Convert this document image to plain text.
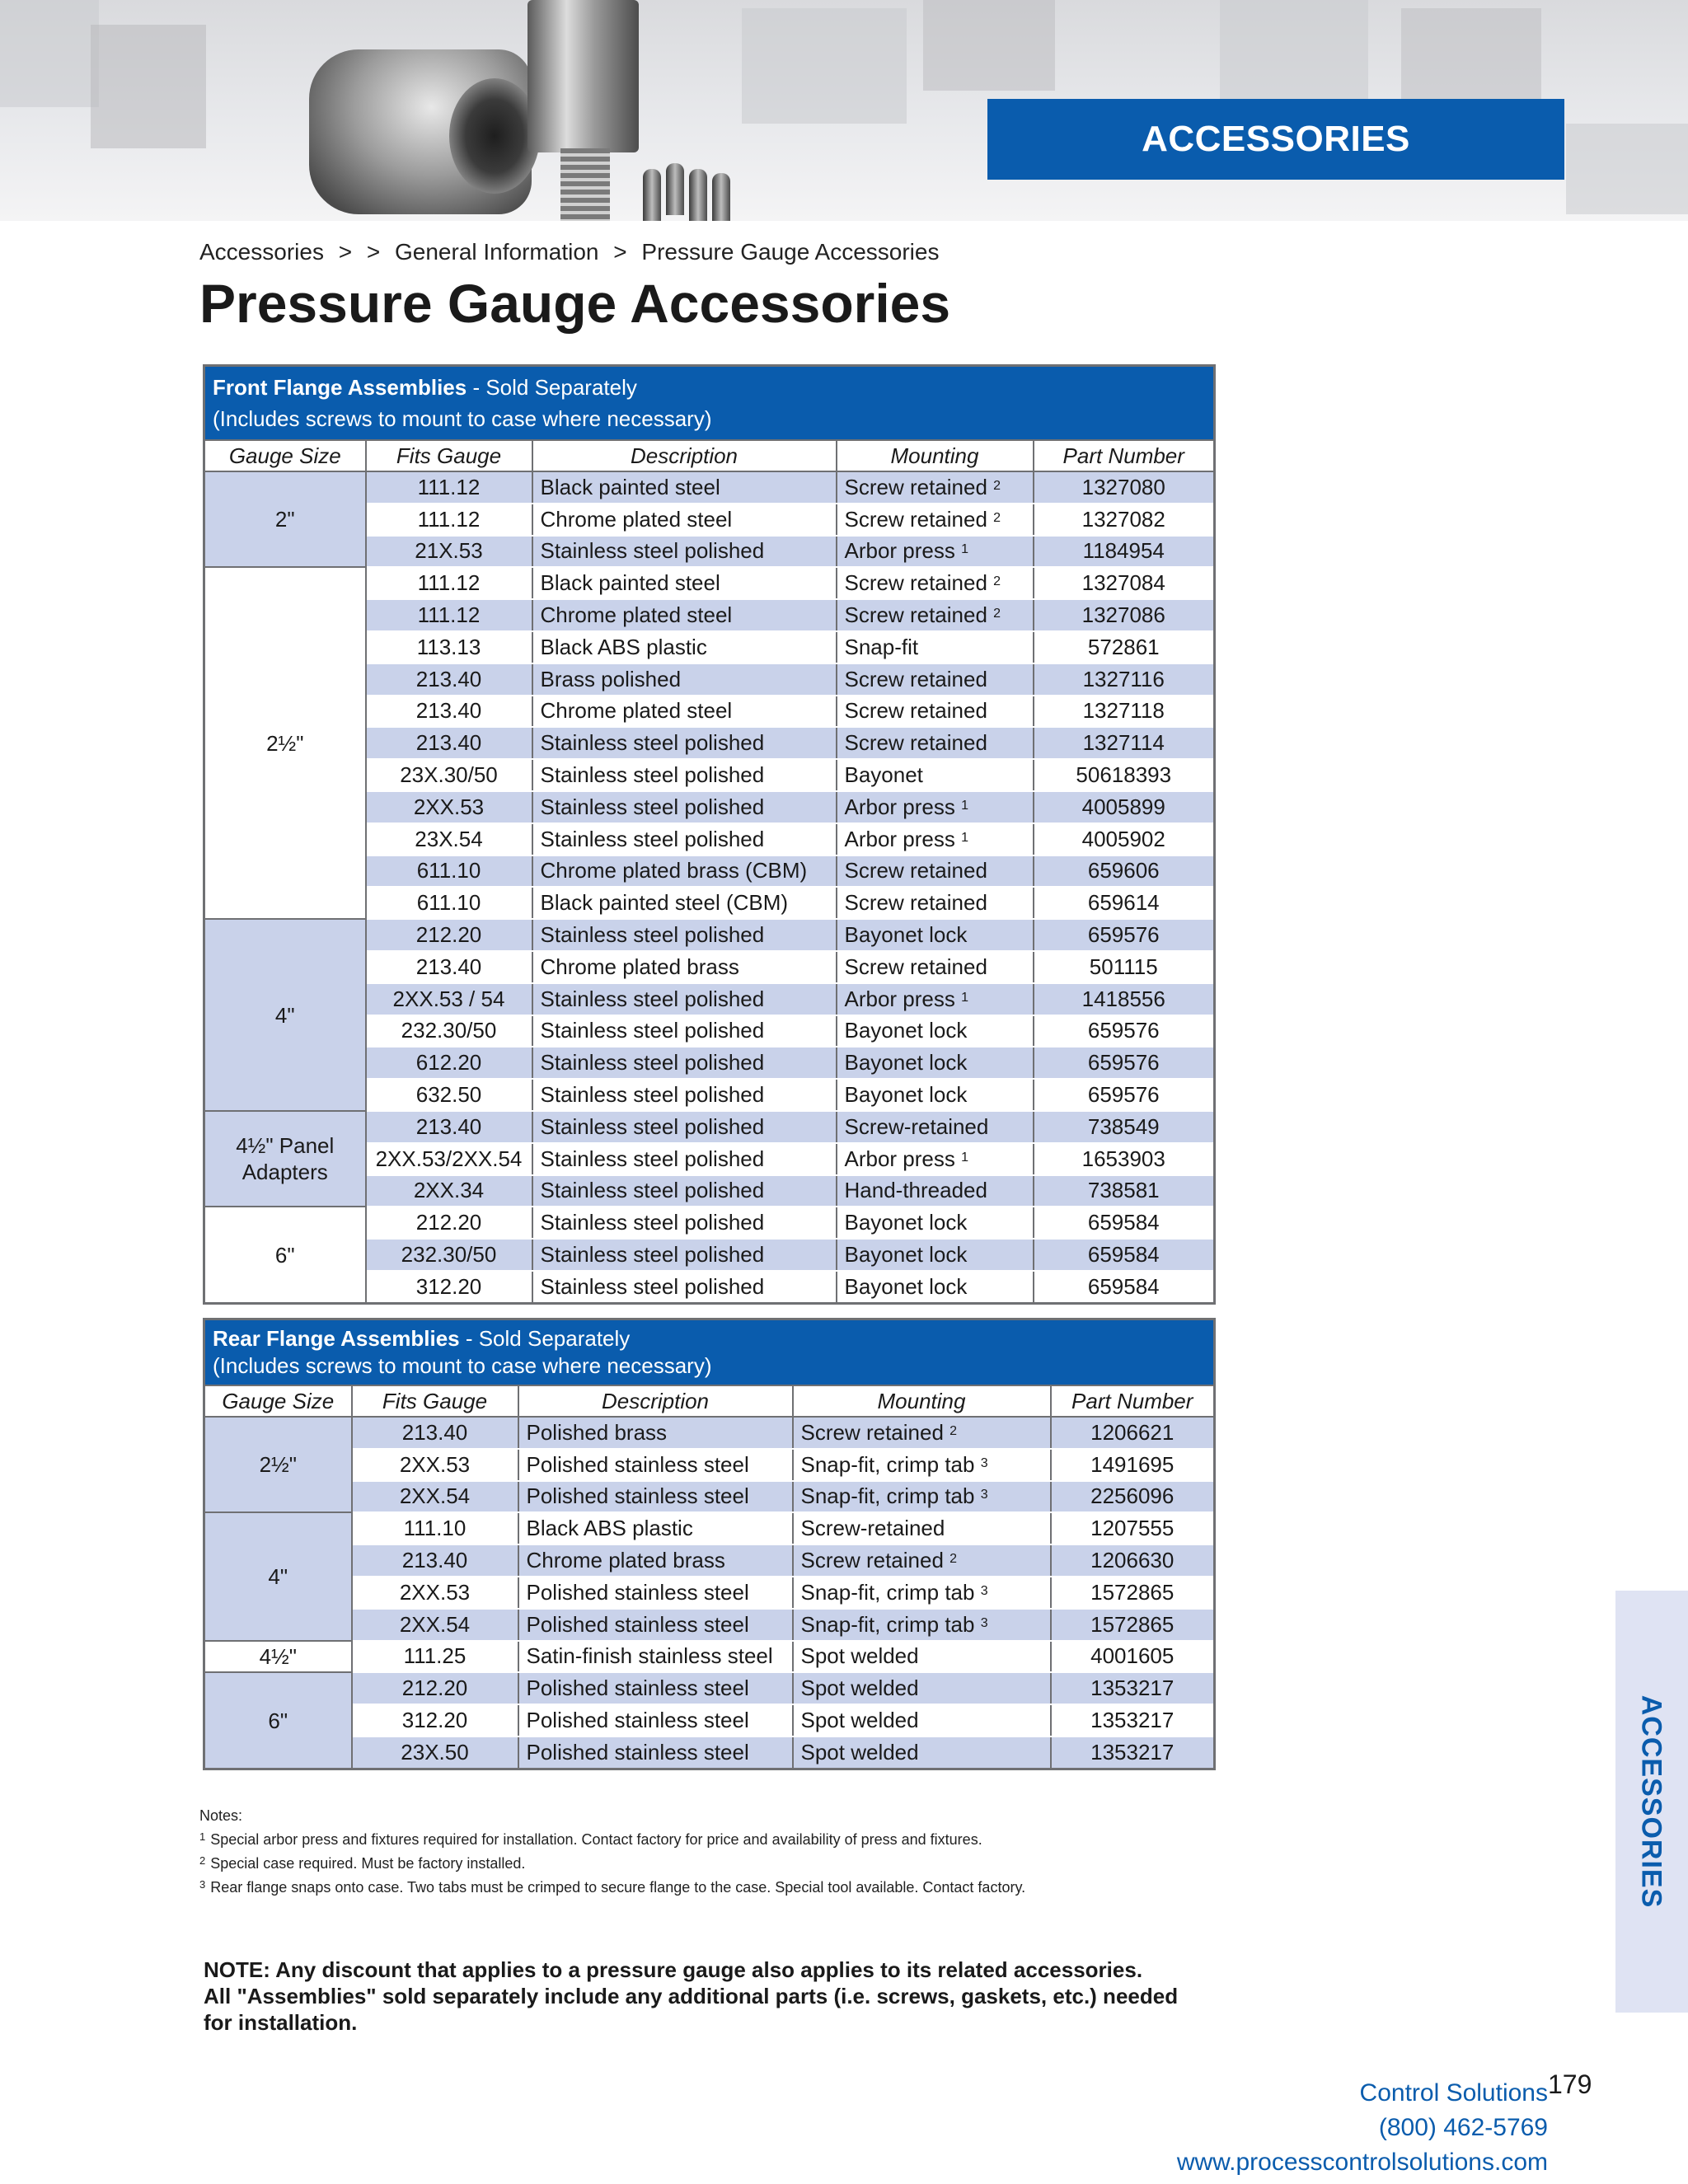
ACCESSORIES
Accessories > > General Information > Pressure Gauge Accessories
Pressure Gauge Accessories
Front Flange Assemblies - Sold Separately
(Includes screws to mount to case where necessary)				
Gauge Size	Fits Gauge	Description	Mounting	Part Number
2"	111.12	Black painted steel	Screw retained $^2$	1327080
	111.12	Chrome plated steel	Screw retained $^2$	1327082
	21X.53	Stainless steel polished	Arbor press $^1$	1184954
2½"	111.12	Black painted steel	Screw retained $^2$	1327084
	111.12	Chrome plated steel	Screw retained $^2$	1327086
	113.13	Black ABS plastic	Snap-fit	572861
	213.40	Brass polished	Screw retained	1327116
	213.40	Chrome plated steel	Screw retained	1327118
	213.40	Stainless steel polished	Screw retained	1327114
	23X.30/50	Stainless steel polished	Bayonet	50618393
	2XX.53	Stainless steel polished	Arbor press $^1$	4005899
	23X.54	Stainless steel polished	Arbor press $^1$	4005902
	611.10	Chrome plated brass (CBM)	Screw retained	659606
	611.10	Black painted steel (CBM)	Screw retained	659614
4"	212.20	Stainless steel polished	Bayonet lock	659576
	213.40	Chrome plated brass	Screw retained	501115
	2XX.53 / 54	Stainless steel polished	Arbor press $^1$	1418556
	232.30/50	Stainless steel polished	Bayonet lock	659576
	612.20	Stainless steel polished	Bayonet lock	659576
	632.50	Stainless steel polished	Bayonet lock	659576
4½" Panel Adapters	213.40	Stainless steel polished	Screw-retained	738549
	2XX.53/2XX.54	Stainless steel polished	Arbor press $^1$	1653903
	2XX.34	Stainless steel polished	Hand-threaded	738581
6"	212.20	Stainless steel polished	Bayonet lock	659584
	232.30/50	Stainless steel polished	Bayonet lock	659584
	312.20	Stainless steel polished	Bayonet lock	659584
Rear Flange Assemblies - Sold Separately
(Includes screws to mount to case where necessary)				
Gauge Size	Fits Gauge	Description	Mounting	Part Number
2½"	213.40	Polished brass	Screw retained $^2$	1206621
	2XX.53	Polished stainless steel	Snap-fit, crimp tab $^3$	1491695
	2XX.54	Polished stainless steel	Snap-fit, crimp tab $^3$	2256096
4"	111.10	Black ABS plastic	Screw-retained	1207555
	213.40	Chrome plated brass	Screw retained $^2$	1206630
	2XX.53	Polished stainless steel	Snap-fit, crimp tab $^3$	1572865
	2XX.54	Polished stainless steel	Snap-fit, crimp tab $^3$	1572865
4½"	111.25	Satin-finish stainless steel	Spot welded	4001605
6"	212.20	Polished stainless steel	Spot welded	1353217
	312.20	Polished stainless steel	Spot welded	1353217
	23X.50	Polished stainless steel	Spot welded	1353217
Notes:
$^1$ Special arbor press and fixtures required for installation. Contact factory for price and availability of press and fixtures.
$^2$ Special case required. Must be factory installed.
$^3$ Rear flange snaps onto case. Two tabs must be crimped to secure flange to the case. Special tool available. Contact factory.
NOTE: Any discount that applies to a pressure gauge also applies to its related accessories.
All "Assemblies" sold separately include any additional parts (i.e. screws, gaskets, etc.) needed
for installation.
ACCESSORIES
Control Solutions 179
(800) 462-5769
www.processcontrolsolutions.com
